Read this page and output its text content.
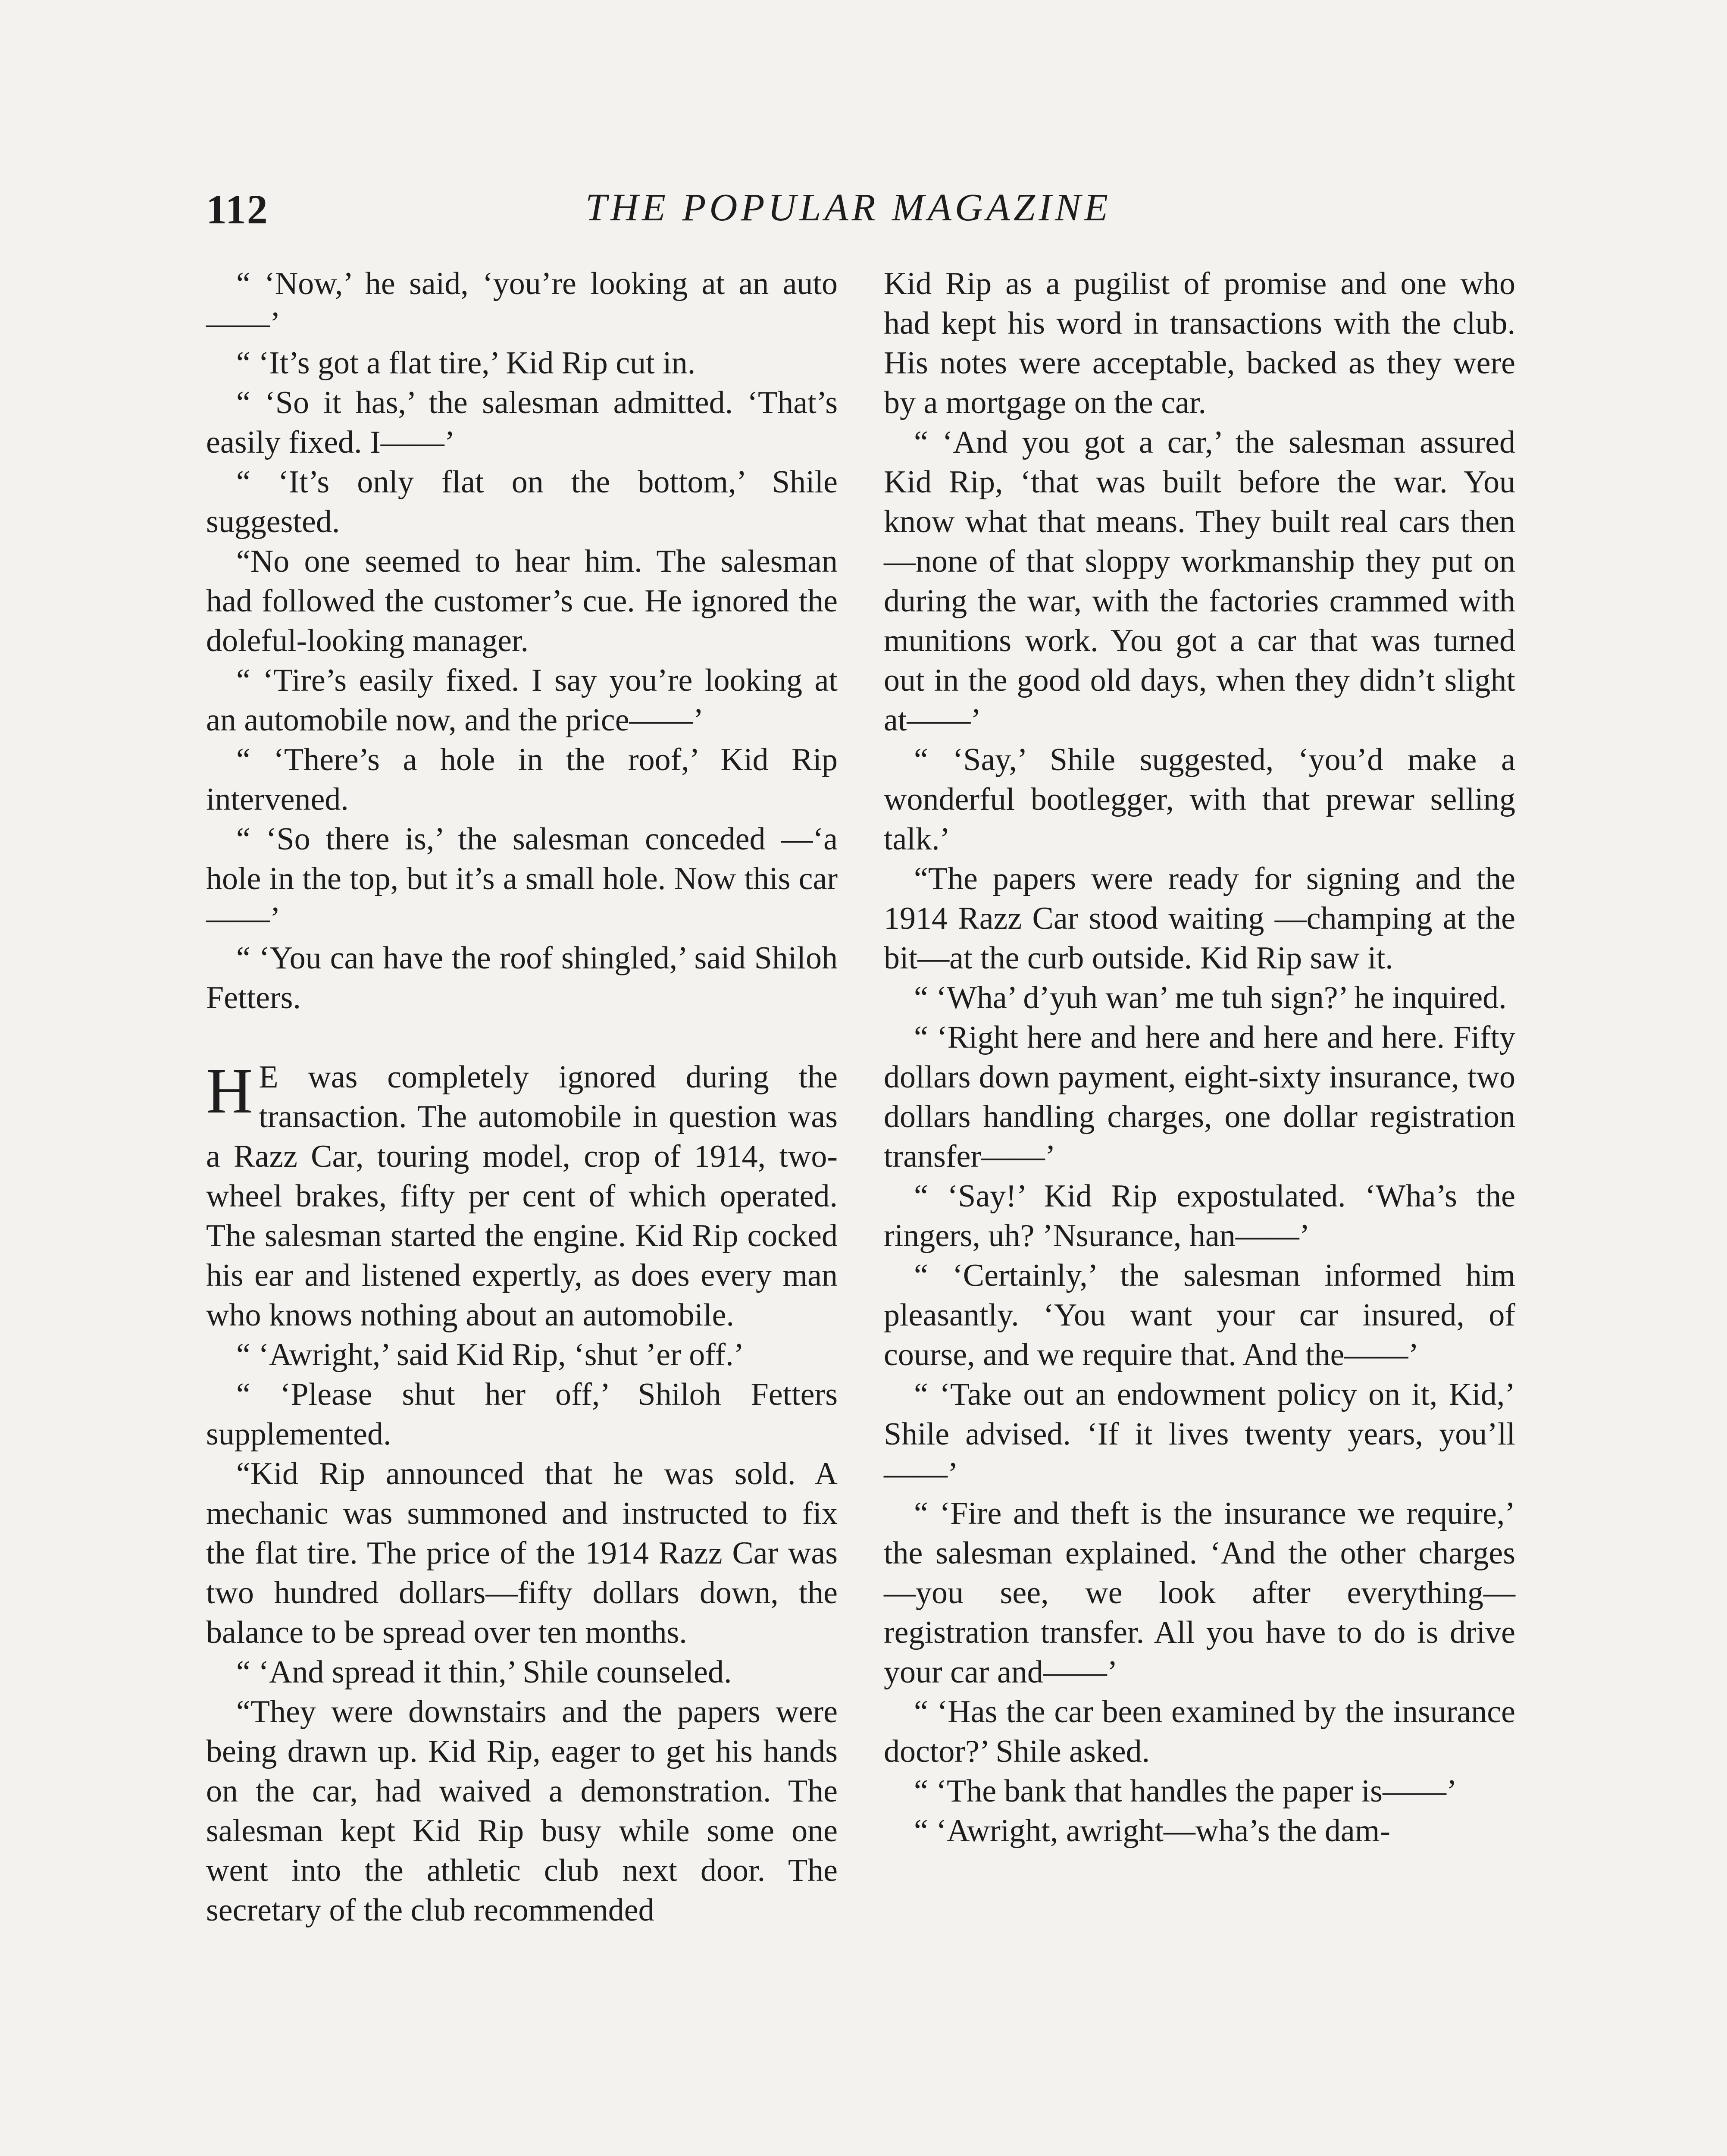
112	THE POPULAR MAGAZINE

“ ‘Now,’ he said, ‘you’re looking at an auto——’

“ ‘It’s got a flat tire,’ Kid Rip cut in.

“ ‘So it has,’ the salesman admitted. ‘That’s easily fixed. I——’

“ ‘It’s only flat on the bottom,’ Shile suggested.

“No one seemed to hear him. The salesman had followed the customer’s cue. He ignored the doleful-looking manager.

“ ‘Tire’s easily fixed. I say you’re looking at an automobile now, and the price——’

“ ‘There’s a hole in the roof,’ Kid Rip intervened.

“ ‘So there is,’ the salesman conceded —‘a hole in the top, but it’s a small hole. Now this car——’

“ ‘You can have the roof shingled,’ said Shiloh Fetters.

H E was completely ignored during the transaction. The automobile in question was a Razz Car, touring model, crop of 1914, two-wheel brakes, fifty per cent of which operated. The salesman started the engine. Kid Rip cocked his ear and listened expertly, as does every man who knows nothing about an automobile.

“ ‘Awright,’ said Kid Rip, ‘shut ’er off.’

“ ‘Please shut her off,’ Shiloh Fetters supplemented.

“Kid Rip announced that he was sold. A mechanic was summoned and instructed to fix the flat tire. The price of the 1914 Razz Car was two hundred dollars—fifty dollars down, the balance to be spread over ten months.

“ ‘And spread it thin,’ Shile counseled.

“They were downstairs and the papers were being drawn up. Kid Rip, eager to get his hands on the car, had waived a demonstration. The salesman kept Kid Rip busy while some one went into the athletic club next door. The secretary of the club recommended

Kid Rip as a pugilist of promise and one who had kept his word in transactions with the club. His notes were acceptable, backed as they were by a mortgage on the car.

“ ‘And you got a car,’ the salesman assured Kid Rip, ‘that was built before the war. You know what that means. They built real cars then—none of that sloppy workmanship they put on during the war, with the factories crammed with munitions work. You got a car that was turned out in the good old days, when they didn’t slight at——’

“ ‘Say,’ Shile suggested, ‘you’d make a wonderful bootlegger, with that prewar selling talk.’

“The papers were ready for signing and the 1914 Razz Car stood waiting —champing at the bit—at the curb outside. Kid Rip saw it.

“ ‘Wha’ d’yuh wan’ me tuh sign?’ he inquired.

“ ‘Right here and here and here and here. Fifty dollars down payment, eight-sixty insurance, two dollars handling charges, one dollar registration transfer——’

“ ‘Say!’ Kid Rip expostulated. ‘Wha’s the ringers, uh? ’Nsurance, han——’

“ ‘Certainly,’ the salesman informed him pleasantly. ‘You want your car insured, of course, and we require that. And the——’

“ ‘Take out an endowment policy on it, Kid,’ Shile advised. ‘If it lives twenty years, you’ll——’

“ ‘Fire and theft is the insurance we require,’ the salesman explained. ‘And the other charges—you see, we look after everything—registration transfer. All you have to do is drive your car and——’

“ ‘Has the car been examined by the insurance doctor?’ Shile asked.

“ ‘The bank that handles the paper is——’

“ ‘Awright, awright—wha’s the dam-
